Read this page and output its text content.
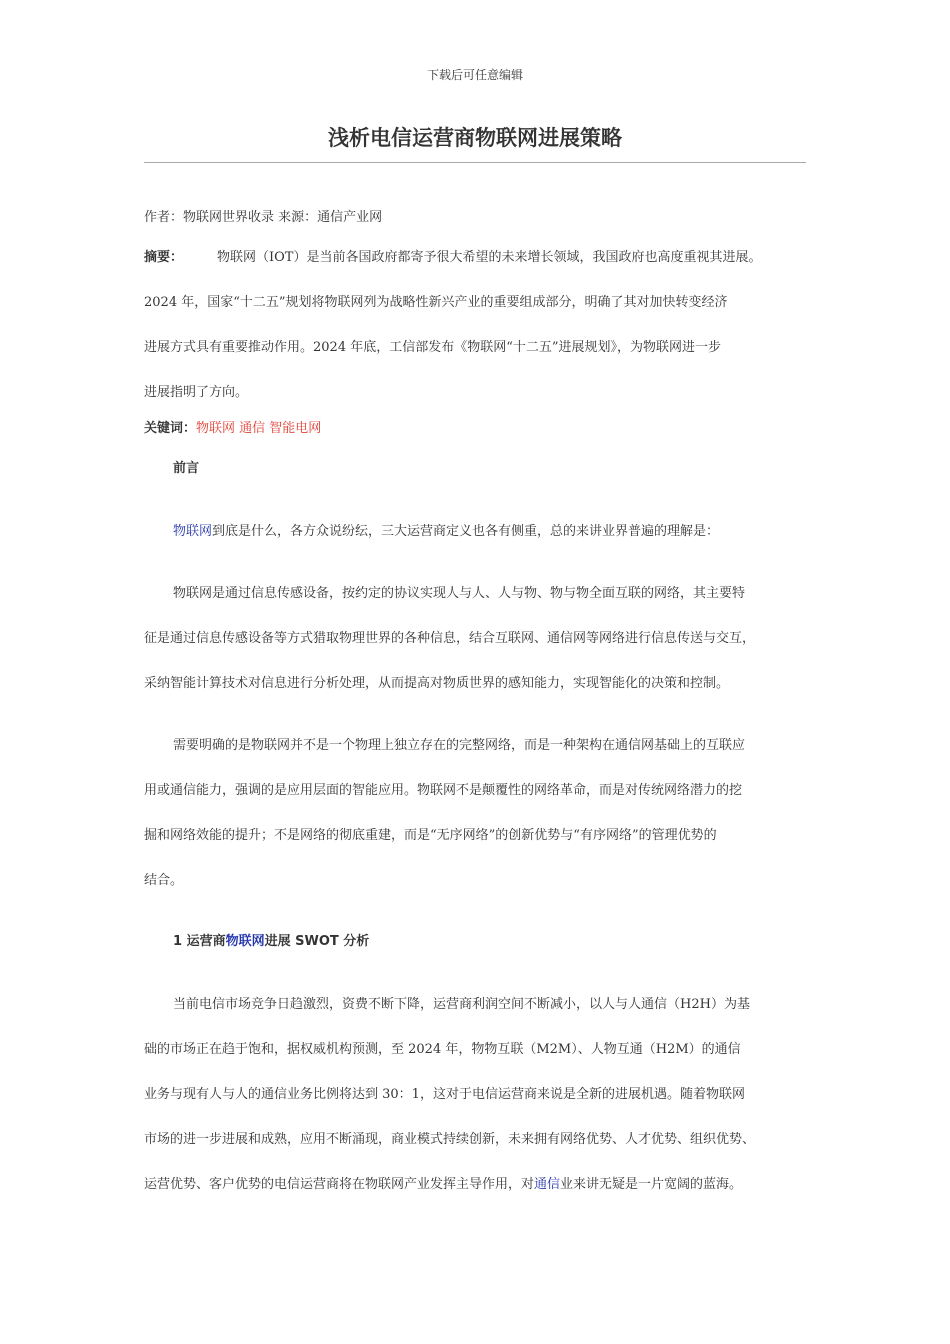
下载后可任意编辑
浅析电信运营商物联网进展策略
作者：物联网世界收录 来源：通信产业网
摘要：	物联网（IOT）是当前各国政府都寄予很大希望的未来增长领域，我国政府也高度重视其进展。
2024 年，国家“十二五”规划将物联网列为战略性新兴产业的重要组成部分，明确了其对加快转变经济
进展方式具有重要推动作用。2024 年底，工信部发布《物联网“十二五”进展规划》，为物联网进一步
进展指明了方向。
关键词：物联网 通信 智能电网
前言
物联网到底是什么，各方众说纷纭，三大运营商定义也各有侧重，总的来讲业界普遍的理解是：
物联网是通过信息传感设备，按约定的协议实现人与人、人与物、物与物全面互联的网络，其主要特
征是通过信息传感设备等方式猎取物理世界的各种信息，结合互联网、通信网等网络进行信息传送与交互，
采纳智能计算技术对信息进行分析处理，从而提高对物质世界的感知能力，实现智能化的决策和控制。
需要明确的是物联网并不是一个物理上独立存在的完整网络，而是一种架构在通信网基础上的互联应
用或通信能力，强调的是应用层面的智能应用。物联网不是颠覆性的网络革命，而是对传统网络潜力的挖
掘和网络效能的提升；不是网络的彻底重建，而是“无序网络”的创新优势与“有序网络”的管理优势的
结合。
1 运营商物联网进展 SWOT 分析
当前电信市场竞争日趋激烈，资费不断下降，运营商利润空间不断减小，以人与人通信（H2H）为基
础的市场正在趋于饱和，据权威机构预测，至 2024 年，物物互联（M2M）、人物互通（H2M）的通信
业务与现有人与人的通信业务比例将达到 30：1，这对于电信运营商来说是全新的进展机遇。随着物联网
市场的进一步进展和成熟，应用不断涌现，商业模式持续创新，未来拥有网络优势、人才优势、组织优势、
运营优势、客户优势的电信运营商将在物联网产业发挥主导作用，对通信业来讲无疑是一片宽阔的蓝海。
